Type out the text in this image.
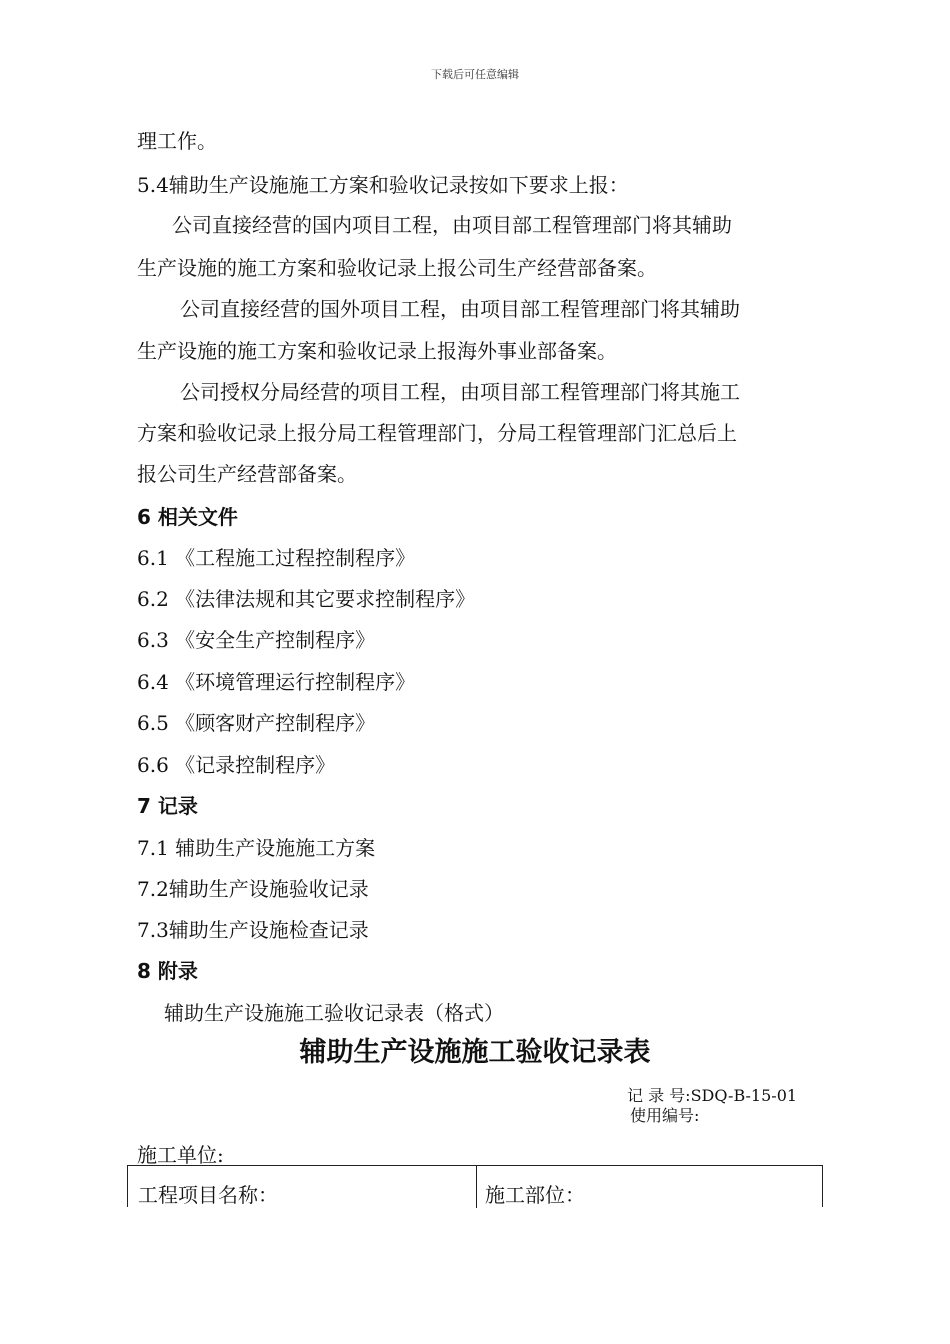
下载后可任意编辑
理工作。
5.4辅助生产设施施工方案和验收记录按如下要求上报：
公司直接经营的国内项目工程，由项目部工程管理部门将其辅助
生产设施的施工方案和验收记录上报公司生产经营部备案。
公司直接经营的国外项目工程，由项目部工程管理部门将其辅助
生产设施的施工方案和验收记录上报海外事业部备案。
公司授权分局经营的项目工程，由项目部工程管理部门将其施工
方案和验收记录上报分局工程管理部门，分局工程管理部门汇总后上
报公司生产经营部备案。
6 相关文件
6.1 《工程施工过程控制程序》
6.2 《法律法规和其它要求控制程序》
6.3 《安全生产控制程序》
6.4 《环境管理运行控制程序》
6.5 《顾客财产控制程序》
6.6 《记录控制程序》
7 记录
7.1 辅助生产设施施工方案
7.2辅助生产设施验收记录
7.3辅助生产设施检查记录
8 附录
辅助生产设施施工验收记录表（格式）
辅助生产设施施工验收记录表
记 录 号:SDQ-B-15-01
使用编号:
施工单位:
工程项目名称：	施工部位：
